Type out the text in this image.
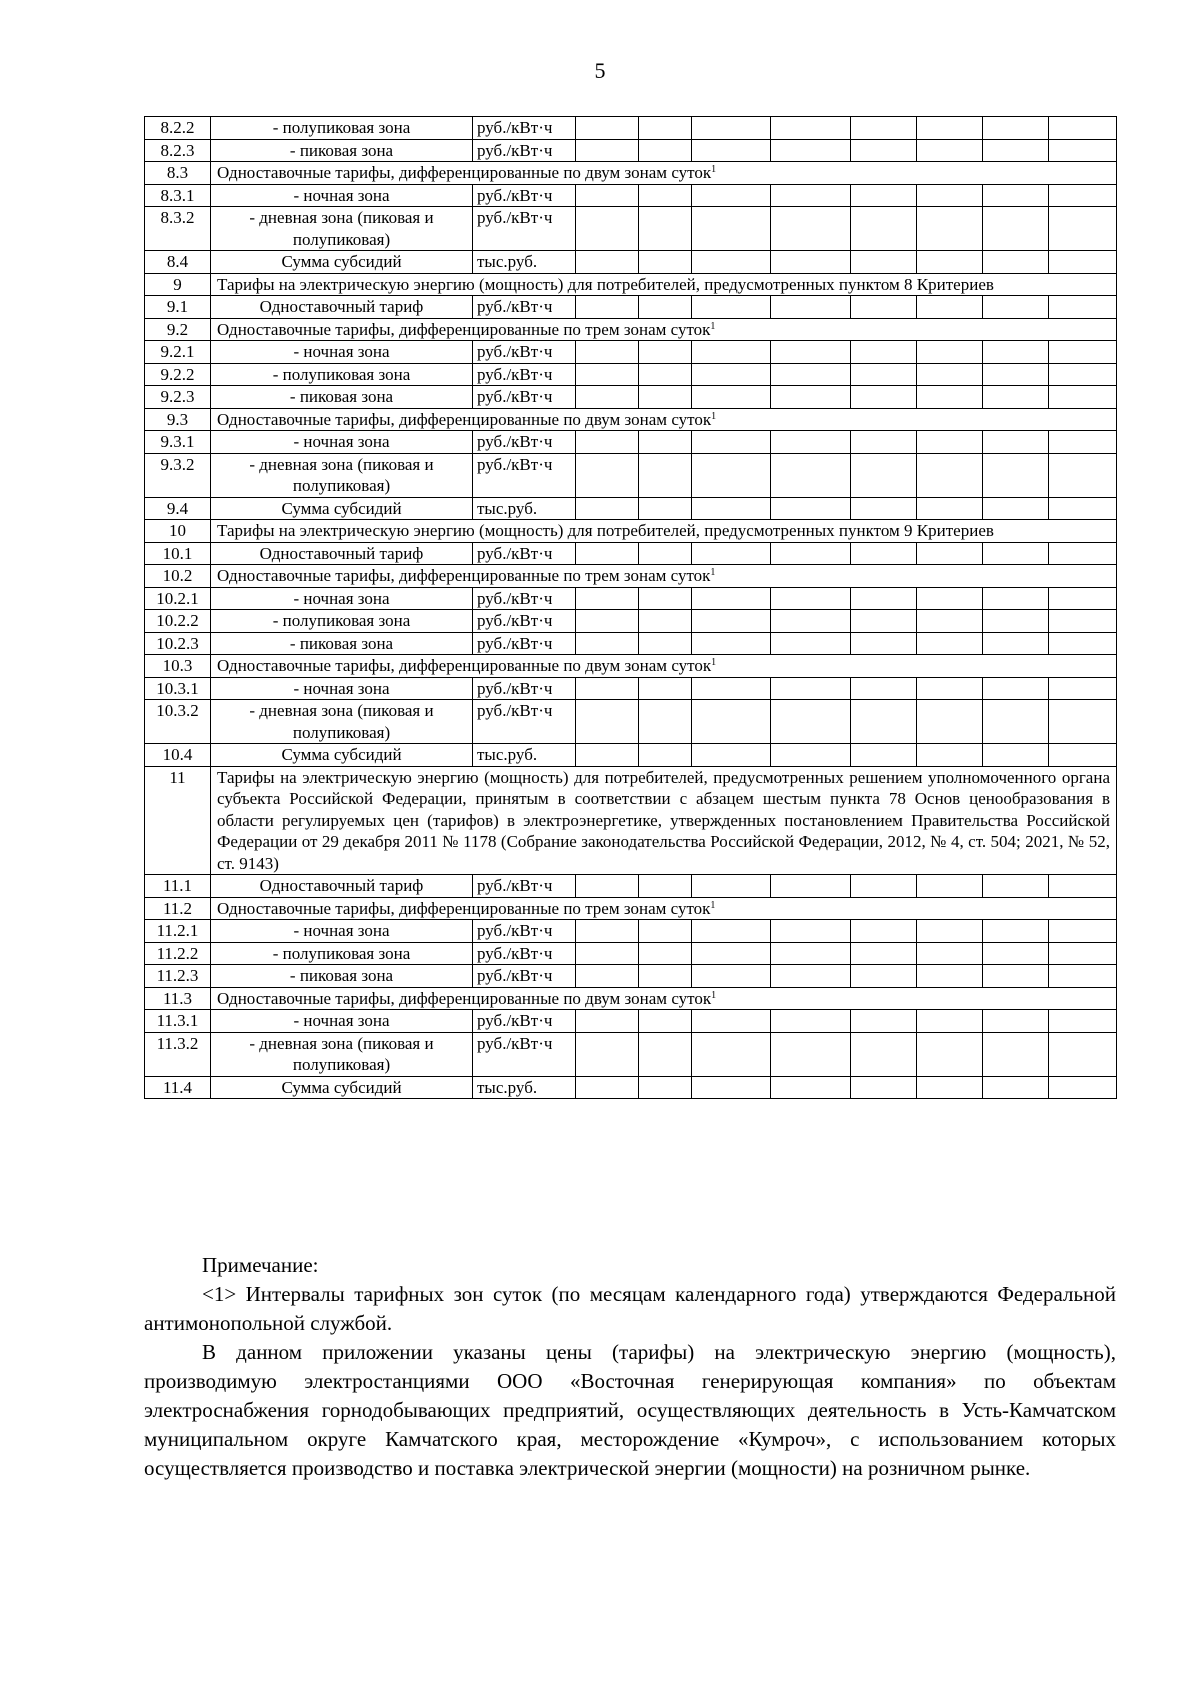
5
8.2.2	- полупиковая зона	руб./кВт·ч								
8.2.3	- пиковая зона	руб./кВт·ч								
8.3	Одноставочные тарифы, дифференцированные по двум зонам суток$^1$
8.3.1	- ночная зона	руб./кВт·ч								
8.3.2	- дневная зона (пиковая и полупиковая)	руб./кВт·ч								
8.4	Сумма субсидий	тыс.руб.								
9	Тарифы на электрическую энергию (мощность) для потребителей, предусмотренных пунктом 8 Критериев									
9.1	Одноставочный тариф	руб./кВт·ч								
9.2	Одноставочные тарифы, дифференцированные по трем зонам суток$^1$
9.2.1	- ночная зона	руб./кВт·ч								
9.2.2	- полупиковая зона	руб./кВт·ч								
9.2.3	- пиковая зона	руб./кВт·ч								
9.3	Одноставочные тарифы, дифференцированные по двум зонам суток$^1$
9.3.1	- ночная зона	руб./кВт·ч								
9.3.2	- дневная зона (пиковая и полупиковая)	руб./кВт·ч								
9.4	Сумма субсидий	тыс.руб.								
10	Тарифы на электрическую энергию (мощность) для потребителей, предусмотренных пунктом 9 Критериев									
10.1	Одноставочный тариф	руб./кВт·ч								
10.2	Одноставочные тарифы, дифференцированные по трем зонам суток$^1$
10.2.1	- ночная зона	руб./кВт·ч								
10.2.2	- полупиковая зона	руб./кВт·ч								
10.2.3	- пиковая зона	руб./кВт·ч								
10.3	Одноставочные тарифы, дифференцированные по двум зонам суток$^1$
10.3.1	- ночная зона	руб./кВт·ч								
10.3.2	- дневная зона (пиковая и полупиковая)	руб./кВт·ч								
10.4	Сумма субсидий	тыс.руб.								
11	Тарифы на электрическую энергию (мощность) для потребителей, предусмотренных решением уполномоченного органа субъекта Российской Федерации, принятым в соответствии с абзацем шестым пункта 78 Основ ценообразования в области регулируемых цен (тарифов) в электроэнергетике, утвержденных постановлением Правительства Российской Федерации от 29 декабря 2011 № 1178 (Собрание законодательства Российской Федерации, 2012, № 4, ст. 504; 2021, № 52, ст. 9143)									
11.1	Одноставочный тариф	руб./кВт·ч								
11.2	Одноставочные тарифы, дифференцированные по трем зонам суток$^1$
11.2.1	- ночная зона	руб./кВт·ч								
11.2.2	- полупиковая зона	руб./кВт·ч								
11.2.3	- пиковая зона	руб./кВт·ч								
11.3	Одноставочные тарифы, дифференцированные по двум зонам суток$^1$
11.3.1	- ночная зона	руб./кВт·ч								
11.3.2	- дневная зона (пиковая и полупиковая)	руб./кВт·ч								
11.4	Сумма субсидий	тыс.руб.								

Примечание:

<1> Интервалы тарифных зон суток (по месяцам календарного года) утверждаются Федеральной антимонопольной службой.

В данном приложении указаны цены (тарифы) на электрическую энергию (мощность), производимую электростанциями ООО «Восточная генерирующая компания» по объектам электроснабжения горнодобывающих предприятий, осуществляющих деятельность в Усть-Камчатском муниципальном округе Камчатского края, месторождение «Кумроч», с использованием которых осуществляется производство и поставка электрической энергии (мощности) на розничном рынке.
